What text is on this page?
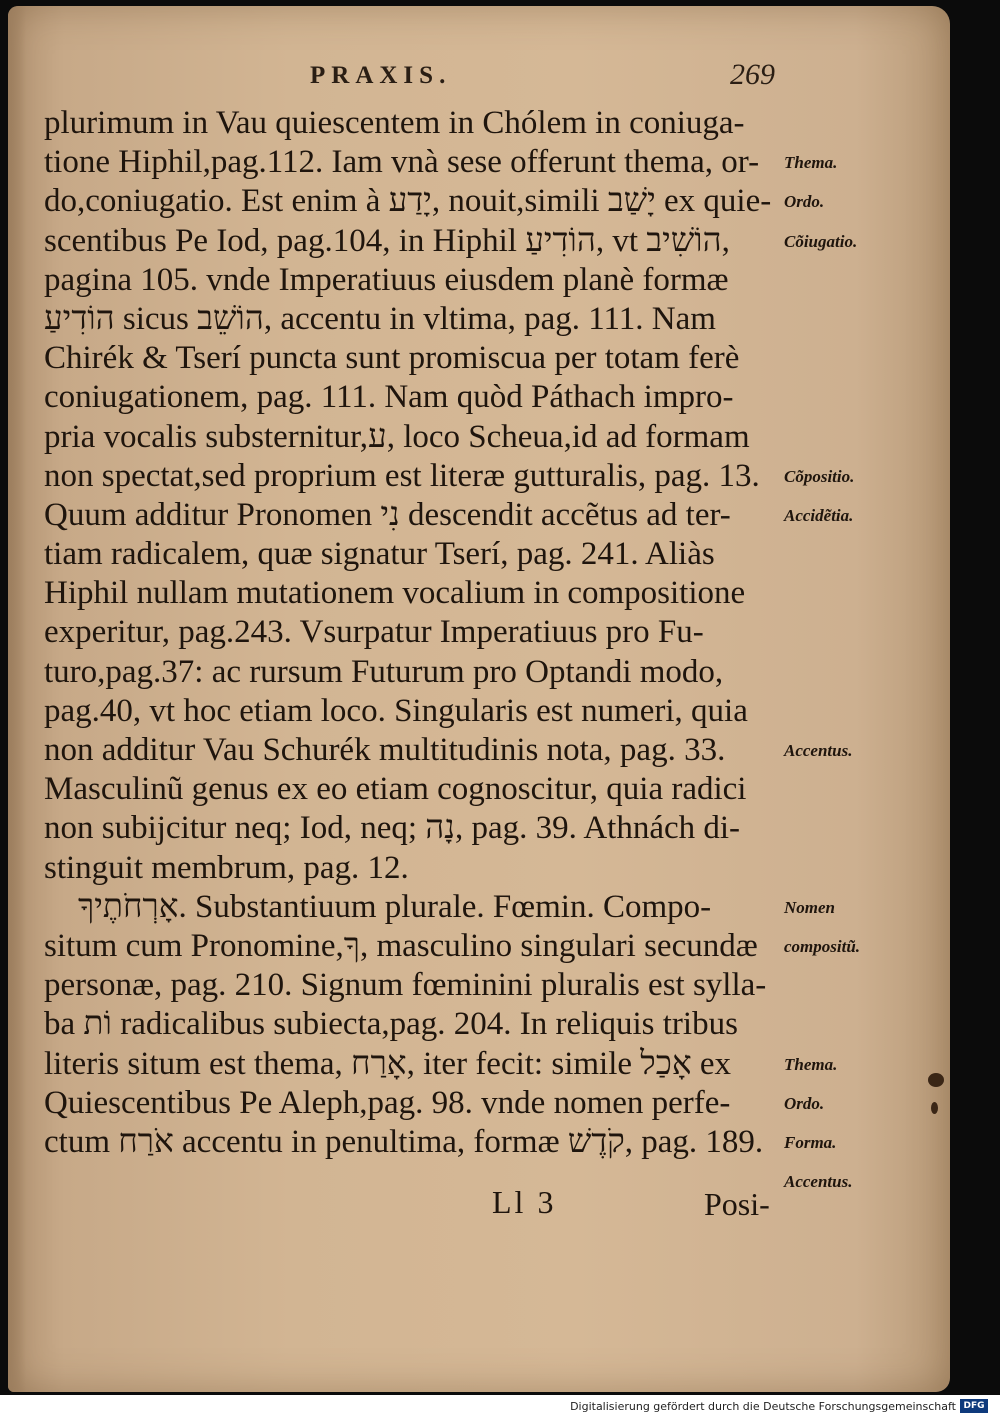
PRAXIS.	269
plurimum in Vau quiescentem in Chólem in coniuga-
tione Hiphil,pag.112. Iam vnà sese offerunt thema, or-
do,coniugatio. Est enim à יָדַע, nouit,simili יָשַׁב ex quie-
scentibus Pe Iod, pag.104, in Hiphil הוֹדִיעַ, vt הוֹשִׁיב,
pagina 105. vnde Imperatiuus eiusdem planè formæ
הוֹדִיעַ sicus הוֹשֵׁב, accentu in vltima, pag. 111. Nam
Chirék & Tserí puncta sunt promiscua per totam ferè
coniugationem, pag. 111. Nam quòd Páthach impro-
pria vocalis substernitur,ע, loco Scheua,id ad formam
non spectat,sed proprium est literæ gutturalis, pag. 13.
Quum additur Pronomen נִי descendit accẽtus ad ter-
tiam radicalem, quæ signatur Tserí, pag. 241. Aliàs
Hiphil nullam mutationem vocalium in compositione
experitur, pag.243. Vsurpatur Imperatiuus pro Fu-
turo,pag.37: ac rursum Futurum pro Optandi modo,
pag.40, vt hoc etiam loco. Singularis est numeri, quia
non additur Vau Schurék multitudinis nota, pag. 33.
Masculinũ genus ex eo etiam cognoscitur, quia radici
non subijcitur neq; Iod, neq; נָה, pag. 39. Athnách di-
stinguit membrum, pag. 12.
אָרְחֹתֶיךָ. Substantiuum plurale. Fœmin. Compo-
situm cum Pronomine,ךָ, masculino singulari secundæ
personæ, pag. 210. Signum fœminini pluralis est sylla-
ba וֹת radicalibus subiecta,pag. 204. In reliquis tribus
literis situm est thema, אָרַח, iter fecit: simile אָכַל ex
Quiescentibus Pe Aleph,pag. 98. vnde nomen perfe-
ctum אֹרַח accentu in penultima, formæ קֹדֶשׁ, pag. 189.
Thema.
Ordo.
Cõiugatio.
Cõpositio.
Accidẽtia.
Accentus.
Nomen
compositũ.
Thema.
Ordo.
Forma.
Accentus.
Ll 3	Posi-
Digitalisierung gefördert durch die Deutsche Forschungsgemeinschaft DFG
